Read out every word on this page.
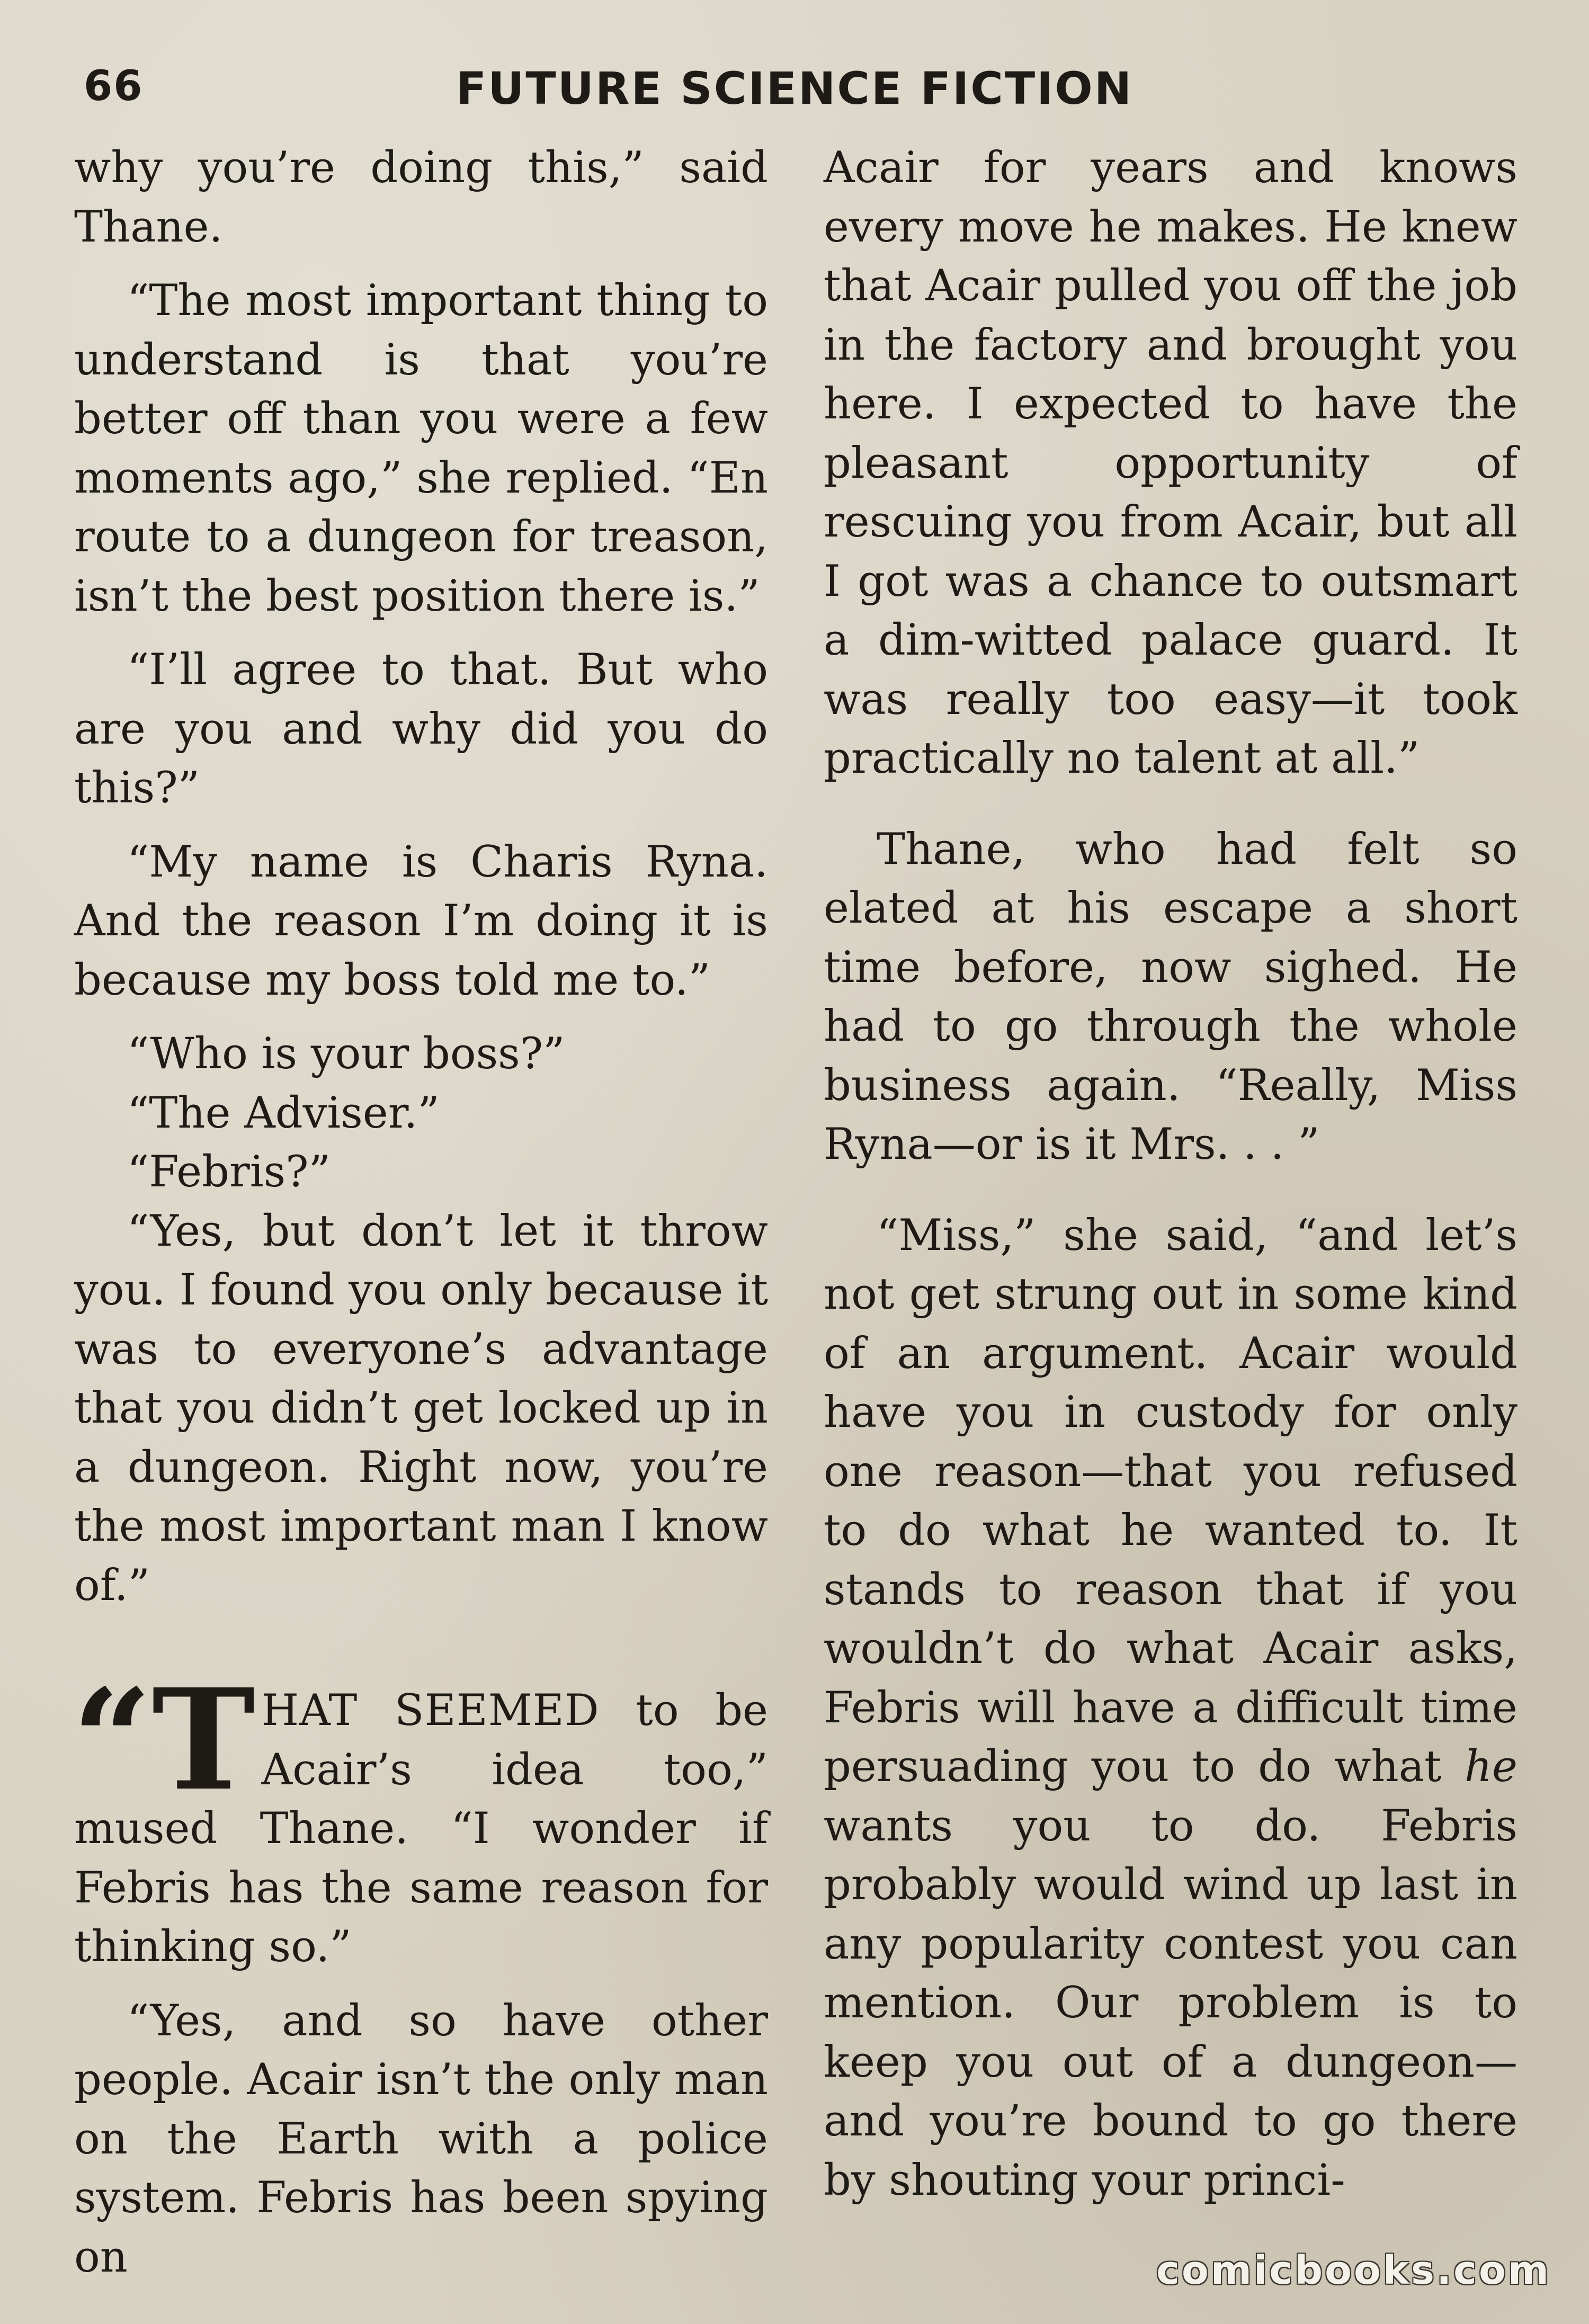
66	FUTURE SCIENCE FICTION

why you’re doing this,” said Thane.

“The most important thing to understand is that you’re better off than you were a few moments ago,” she replied. “En route to a dungeon for treason, isn’t the best position there is.”

“I’ll agree to that. But who are you and why did you do this?”

“My name is Charis Ryna. And the reason I’m doing it is because my boss told me to.”

“Who is your boss?”

“The Adviser.”

“Febris?”

“Yes, but don’t let it throw you. I found you only because it was to everyone’s advantage that you didn’t get locked up in a dungeon. Right now, you’re the most important man I know of.”

“T HAT SEEMED to be Acair’s idea too,” mused Thane. “I wonder if Febris has the same reason for thinking so.”

“Yes, and so have other people. Acair isn’t the only man on the Earth with a police system. Febris has been spying on

Acair for years and knows every move he makes. He knew that Acair pulled you off the job in the factory and brought you here. I expected to have the pleasant opportunity of rescuing you from Acair, but all I got was a chance to outsmart a dim-witted palace guard. It was really too easy—it took practically no talent at all.”

Thane, who had felt so elated at his escape a short time before, now sighed. He had to go through the whole business again. “Really, Miss Ryna—or is it Mrs. . . ”

“Miss,” she said, “and let’s not get strung out in some kind of an argument. Acair would have you in custody for only one reason—that you refused to do what he wanted to. It stands to reason that if you wouldn’t do what Acair asks, Febris will have a difficult time persuading you to do what he wants you to do. Febris probably would wind up last in any popularity contest you can mention. Our problem is to keep you out of a dungeon—and you’re bound to go there by shouting your princi-

comicbooks.com
